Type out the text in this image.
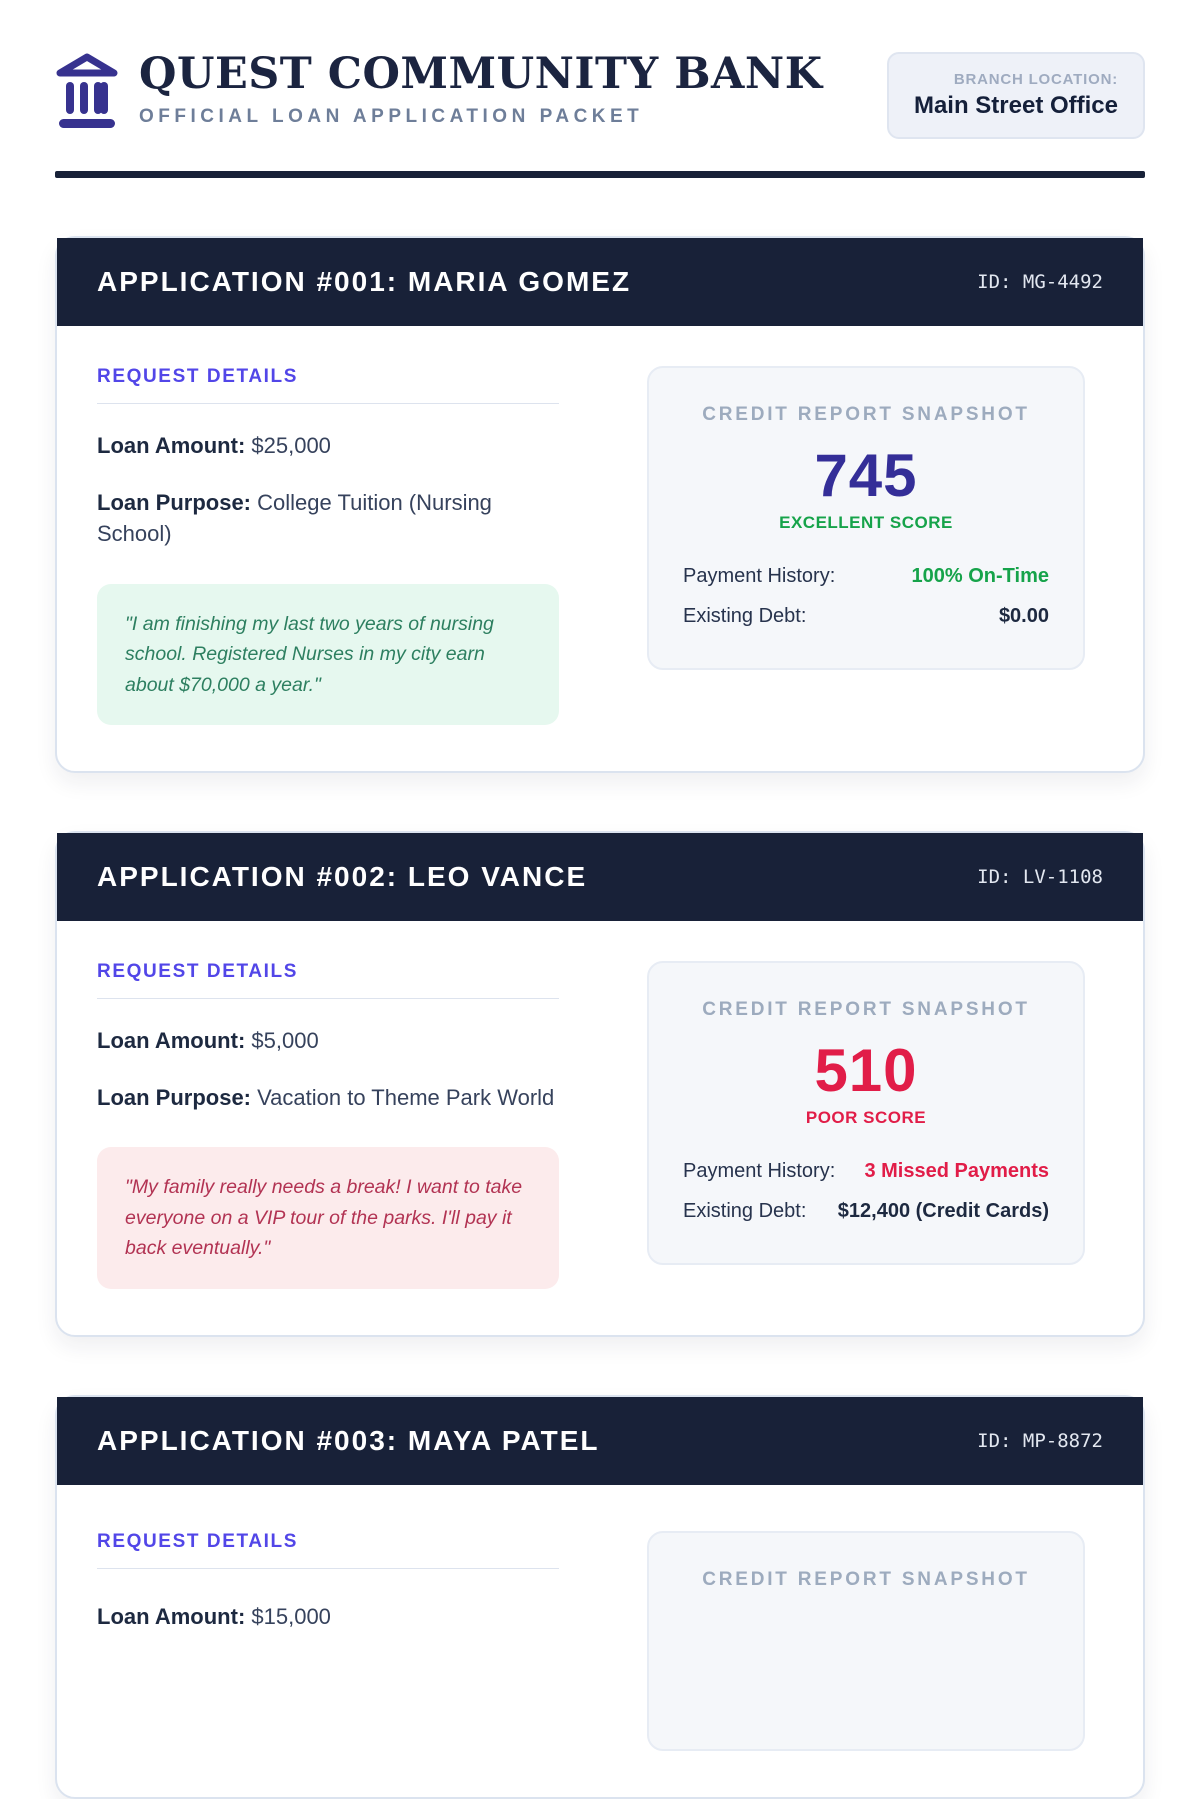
QUEST COMMUNITY BANK
OFFICIAL LOAN APPLICATION PACKET
BRANCH LOCATION:
Main Street Office
APPLICATION #001: MARIA GOMEZ	ID: MG-4492
REQUEST DETAILS
Loan Amount: $25,000
Loan Purpose: College Tuition (Nursing School)
"I am finishing my last two years of nursing school. Registered Nurses in my city earn about $70,000 a year."
CREDIT REPORT SNAPSHOT
745
EXCELLENT SCORE
Payment History:	100% On-Time
Existing Debt:	$0.00
APPLICATION #002: LEO VANCE	ID: LV-1108
REQUEST DETAILS
Loan Amount: $5,000
Loan Purpose: Vacation to Theme Park World
"My family really needs a break! I want to take everyone on a VIP tour of the parks. I'll pay it back eventually."
CREDIT REPORT SNAPSHOT
510
POOR SCORE
Payment History: 3 Missed Payments
Existing Debt: $12,400 (Credit Cards)
APPLICATION #003: MAYA PATEL	ID: MP-8872
REQUEST DETAILS
Loan Amount: $15,000
CREDIT REPORT SNAPSHOT
